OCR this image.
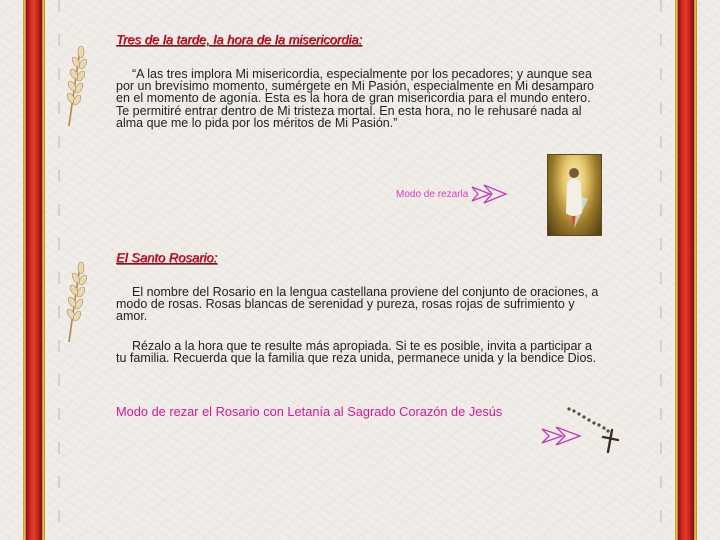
Tres de la tarde, la hora de la misericordia:

“A las tres implora Mi misericordia, especialmente por los pecadores; y aunque sea por un brevísimo momento, sumérgete en Mi Pasión, especialmente en Mi desamparo en el momento de agonía. Esta es la hora de gran misericordia para el mundo entero. Te permitiré entrar dentro de Mi tristeza mortal. En esta hora, no le rehusaré nada al alma que me lo pida por los méritos de Mi Pasión.”

Modo de rezarla
El Santo Rosario:

El nombre del Rosario en la lengua castellana proviene del conjunto de oraciones, a modo de rosas. Rosas blancas de serenidad y pureza, rosas rojas de sufrimiento y amor.

Rézalo a la hora que te resulte más apropiada. Si te es posible, invita a participar a tu familia. Recuerda que la familia que reza unida, permanece unida y la bendice Dios.

Modo de rezar el Rosario con Letanía al Sagrado Corazón de Jesús
